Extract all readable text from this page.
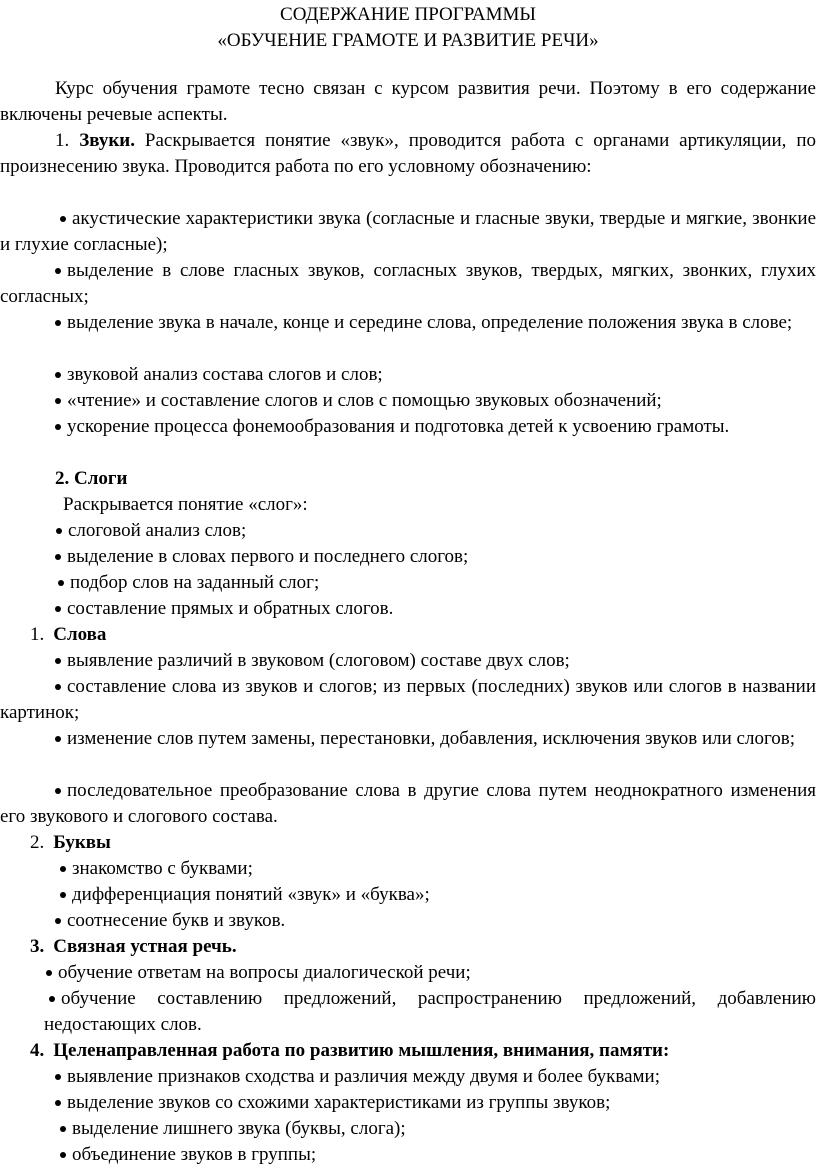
СОДЕРЖАНИЕ ПРОГРАММЫ
«ОБУЧЕНИЕ ГРАМОТЕ И РАЗВИТИЕ РЕЧИ»

Курс обучения грамоте тесно связан с курсом развития речи. Поэтому в его содержание включены речевые аспекты.

1. Звуки. Раскрывается понятие «звук», проводится работа с органами артикуляции, по произнесению звука. Проводится работа по его условному обозначению:

акустические характеристики звука (согласные и гласные звуки, твердые и мягкие, звонкие и глухие согласные);

выделение в слове гласных звуков, согласных звуков, твердых, мягких, звонких, глухих согласных;

выделение звука в начале, конце и середине слова, определение положения звука в слове;

звуковой анализ состава слогов и слов;

«чтение» и составление слогов и слов с помощью звуковых обозначений;

ускорение процесса фонемообразования и подготовка детей к усвоению грамоты.

2. Слоги
Раскрывается понятие «слог»:
слоговой анализ слов;
выделение в словах первого и последнего слогов;
подбор слов на заданный слог;
составление прямых и обратных слогов.
1. Слова
выявление различий в звуковом (слоговом) составе двух слов;

составление слова из звуков и слогов; из первых (последних) звуков или слогов в названии картинок;

изменение слов путем замены, перестановки, добавления, исключения звуков или слогов;

последовательное преобразование слова в другие слова путем неоднократного изменения его звукового и слогового состава.

2. Буквы
знакомство с буквами;
дифференциация понятий «звук» и «буква»;
соотнесение букв и звуков.
3. Связная устная речь.
обучение ответам на вопросы диалогической речи;

обучение составлению предложений, распространению предложений, добавлению недостающих слов.

4. Целенаправленная работа по развитию мышления, внимания, памяти:
выявление признаков сходства и различия между двумя и более буквами;
выделение звуков со схожими характеристиками из группы звуков;
выделение лишнего звука (буквы, слога);
объединение звуков в группы;
